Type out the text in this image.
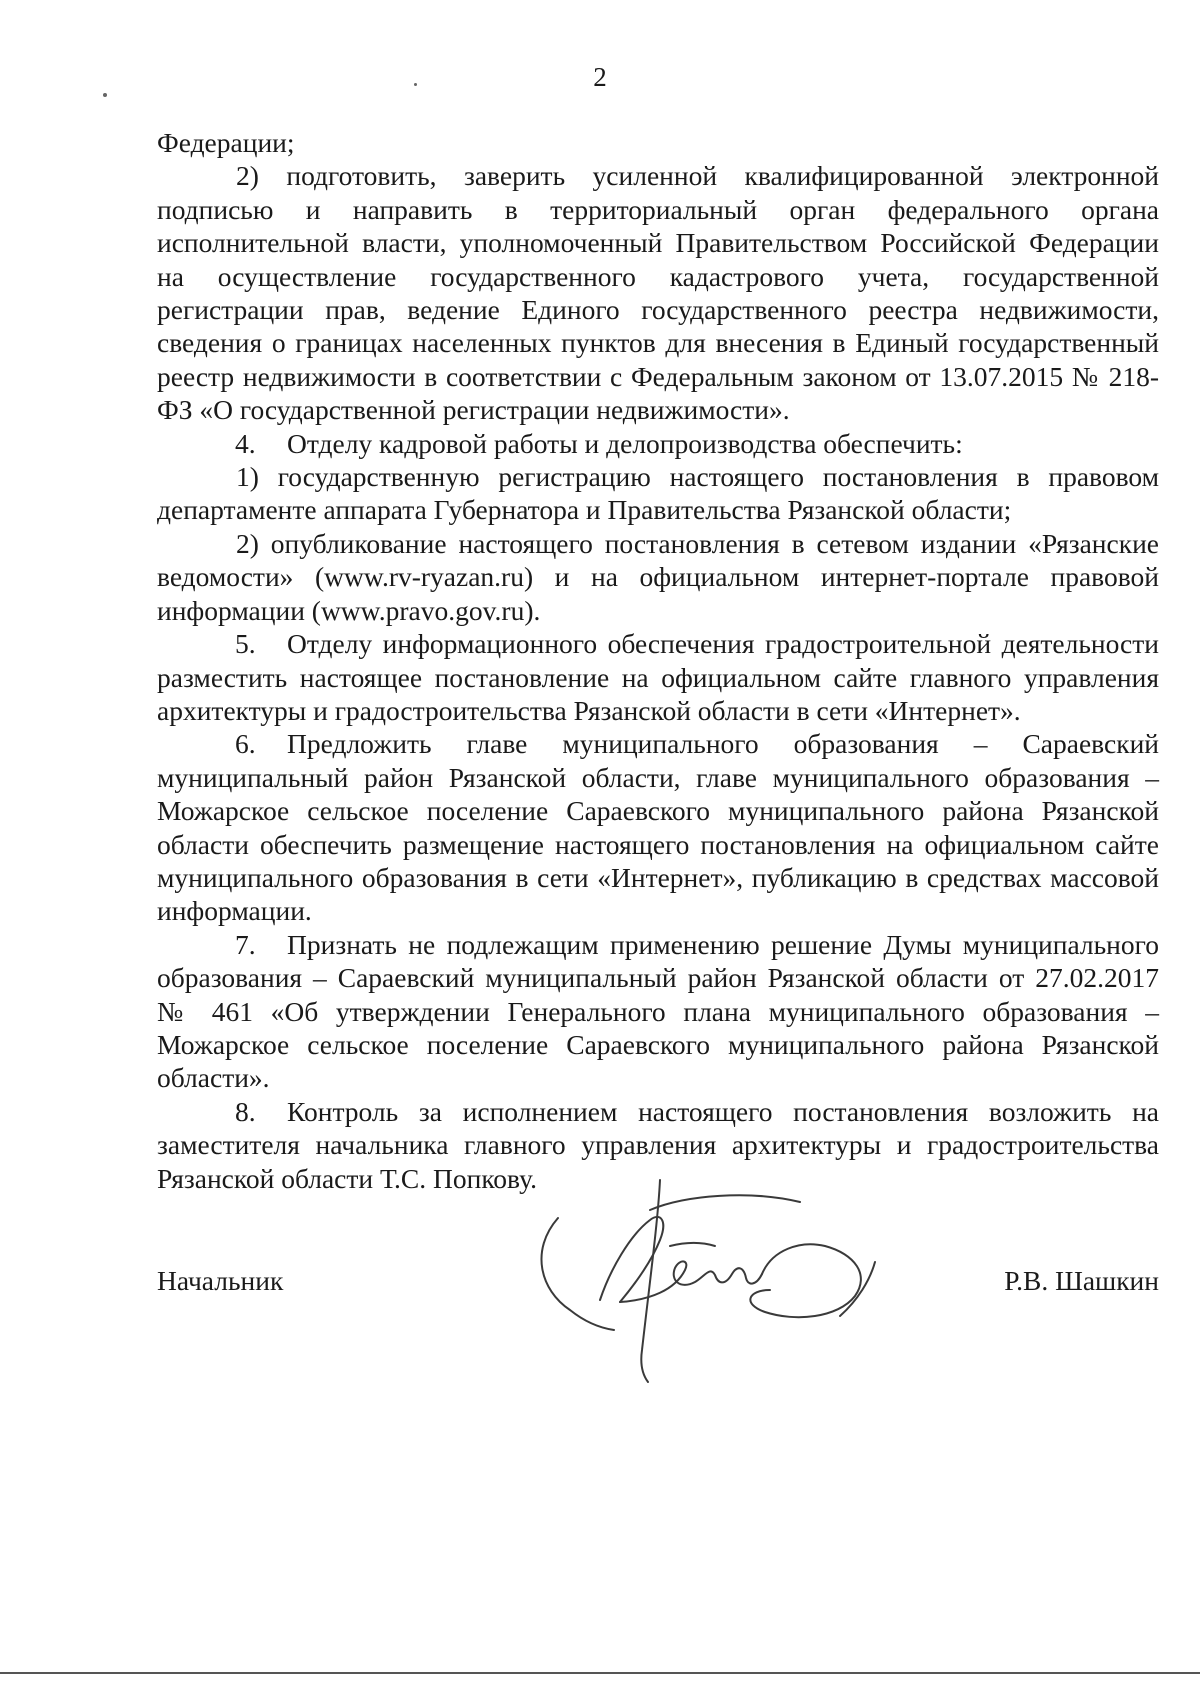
2

Федерации;

2) подготовить, заверить усиленной квалифицированной электронной подписью и направить в территориальный орган федерального органа исполнительной власти, уполномоченный Правительством Российской Федерации на осуществление государственного кадастрового учета, государственной регистрации прав, ведение Единого государственного реестра недвижимости, сведения о границах населенных пунктов для внесения в Единый государственный реестр недвижимости в соответствии с Федеральным законом от 13.07.2015 № 218-ФЗ «О государственной регистрации недвижимости».

4. Отделу кадровой работы и делопроизводства обеспечить:

1) государственную регистрацию настоящего постановления в правовом департаменте аппарата Губернатора и Правительства Рязанской области;

2) опубликование настоящего постановления в сетевом издании «Рязанские ведомости» (www.rv-ryazan.ru) и на официальном интернет-портале правовой информации (www.pravo.gov.ru).

5. Отделу информационного обеспечения градостроительной деятельности разместить настоящее постановление на официальном сайте главного управления архитектуры и градостроительства Рязанской области в сети «Интернет».

6. Предложить главе муниципального образования – Сараевский муниципальный район Рязанской области, главе муниципального образования – Можарское сельское поселение Сараевского муниципального района Рязанской области обеспечить размещение настоящего постановления на официальном сайте муниципального образования в сети «Интернет», публикацию в средствах массовой информации.

7. Признать не подлежащим применению решение Думы муниципального образования – Сараевский муниципальный район Рязанской области от 27.02.2017 № 461 «Об утверждении Генерального плана муниципального образования – Можарское сельское поселение Сараевского муниципального района Рязанской области».

8. Контроль за исполнением настоящего постановления возложить на заместителя начальника главного управления архитектуры и градостроительства Рязанской области Т.С. Попкову.

Начальник	Р.В. Шашкин
